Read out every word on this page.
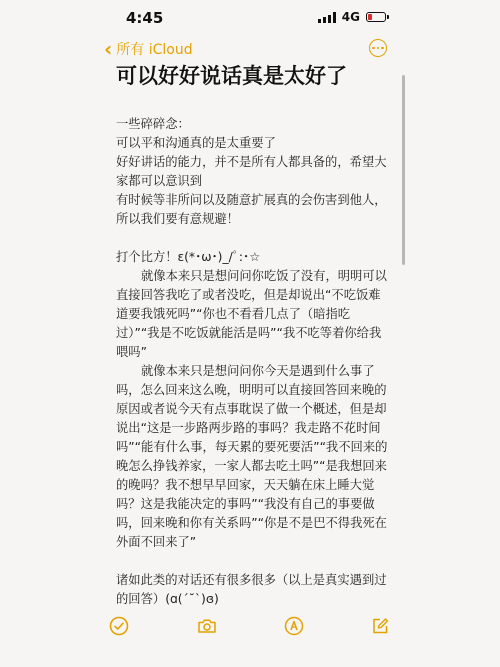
4:45	4G
‹ 所有 iCloud
可以好好说话真是太好了

一些碎碎念：

可以平和沟通真的是太重要了

好好讲话的能力，并不是所有人都具备的，希望大家都可以意识到

有时候等非所问以及随意扩展真的会伤害到他人，所以我们要有意规避！

打个比方！ε(*･ω･)_/ﾟ:･☆

就像本来只是想问问你吃饭了没有，明明可以直接回答我吃了或者没吃，但是却说出“不吃饭难道要我饿死吗”“你也不看看几点了（暗指吃过）”“我是不吃饭就能活是吗”“我不吃等着你给我喂吗”

就像本来只是想问问你今天是遇到什么事了吗，怎么回来这么晚，明明可以直接回答回来晚的原因或者说今天有点事耽误了做一个概述，但是却说出“这是一步路两步路的事吗？我走路不花时间吗”“能有什么事，每天累的要死要活”“我不回来的晚怎么挣钱养家，一家人都去吃土吗”“是我想回来的晚吗？我不想早早回家，天天躺在床上睡大觉吗？这是我能决定的事吗”“我没有自己的事要做吗，回来晚和你有关系吗”“你是不是巴不得我死在外面不回来了”

诸如此类的对话还有很多很多（以上是真实遇到过的回答）(ɑ(ˊ˘ˋ)ɞ)
